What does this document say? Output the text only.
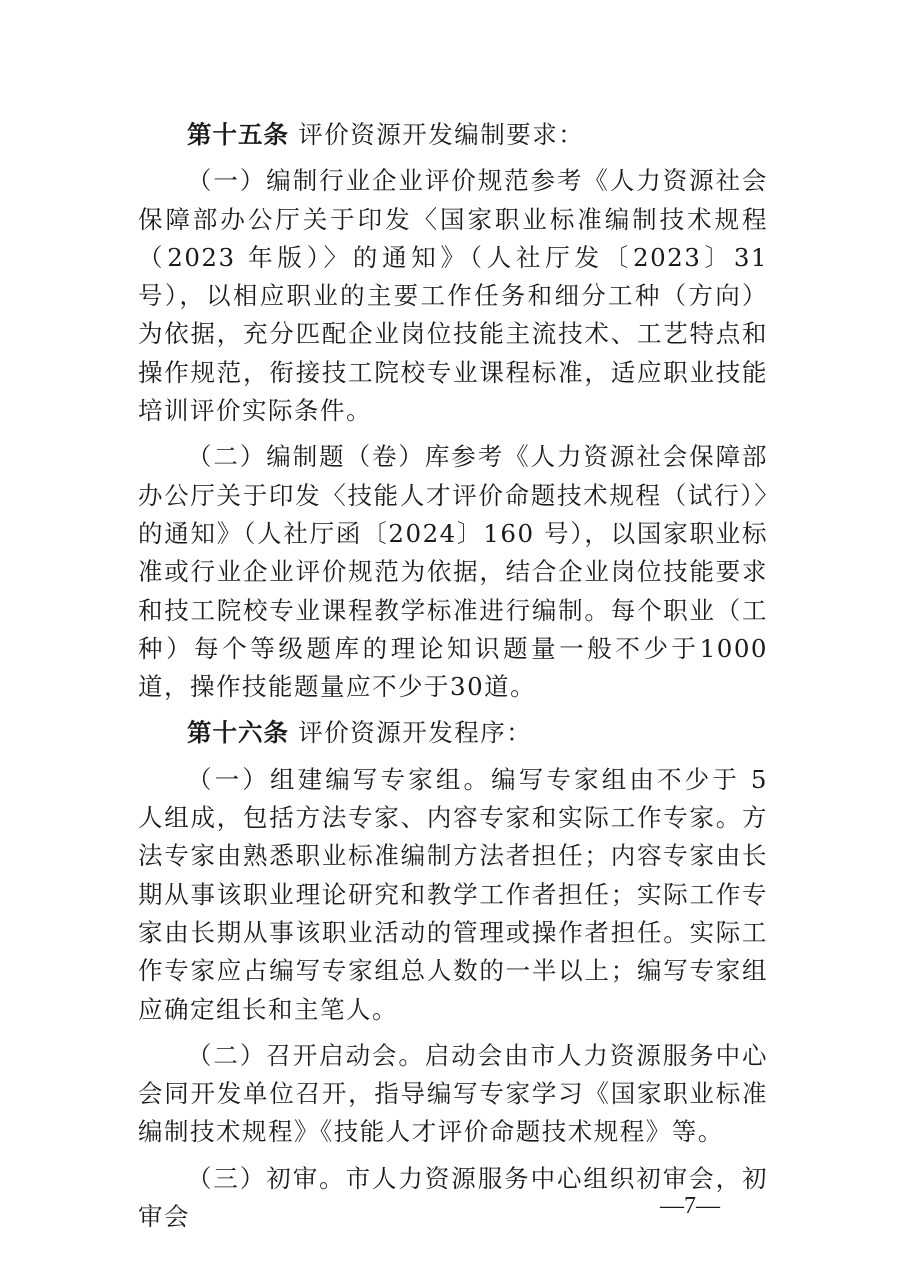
第十五条 评价资源开发编制要求：

（一）编制行业企业评价规范参考《人力资源社会保障部办公厅关于印发〈国家职业标准编制技术规程（2023 年版）〉的通知》（人社厅发〔2023〕31 号），以相应职业的主要工作任务和细分工种（方向）为依据，充分匹配企业岗位技能主流技术、工艺特点和操作规范，衔接技工院校专业课程标准，适应职业技能培训评价实际条件。

（二）编制题（卷）库参考《人力资源社会保障部办公厅关于印发〈技能人才评价命题技术规程（试行）〉的通知》（人社厅函〔2024〕160 号），以国家职业标准或行业企业评价规范为依据，结合企业岗位技能要求和技工院校专业课程教学标准进行编制。每个职业（工种）每个等级题库的理论知识题量一般不少于1000道，操作技能题量应不少于30道。

第十六条 评价资源开发程序：

（一）组建编写专家组。编写专家组由不少于 5 人组成，包括方法专家、内容专家和实际工作专家。方法专家由熟悉职业标准编制方法者担任；内容专家由长期从事该职业理论研究和教学工作者担任；实际工作专家由长期从事该职业活动的管理或操作者担任。实际工作专家应占编写专家组总人数的一半以上；编写专家组应确定组长和主笔人。

（二）召开启动会。启动会由市人力资源服务中心会同开发单位召开，指导编写专家学习《国家职业标准编制技术规程》《技能人才评价命题技术规程》等。

（三）初审。市人力资源服务中心组织初审会，初审会	—7—
